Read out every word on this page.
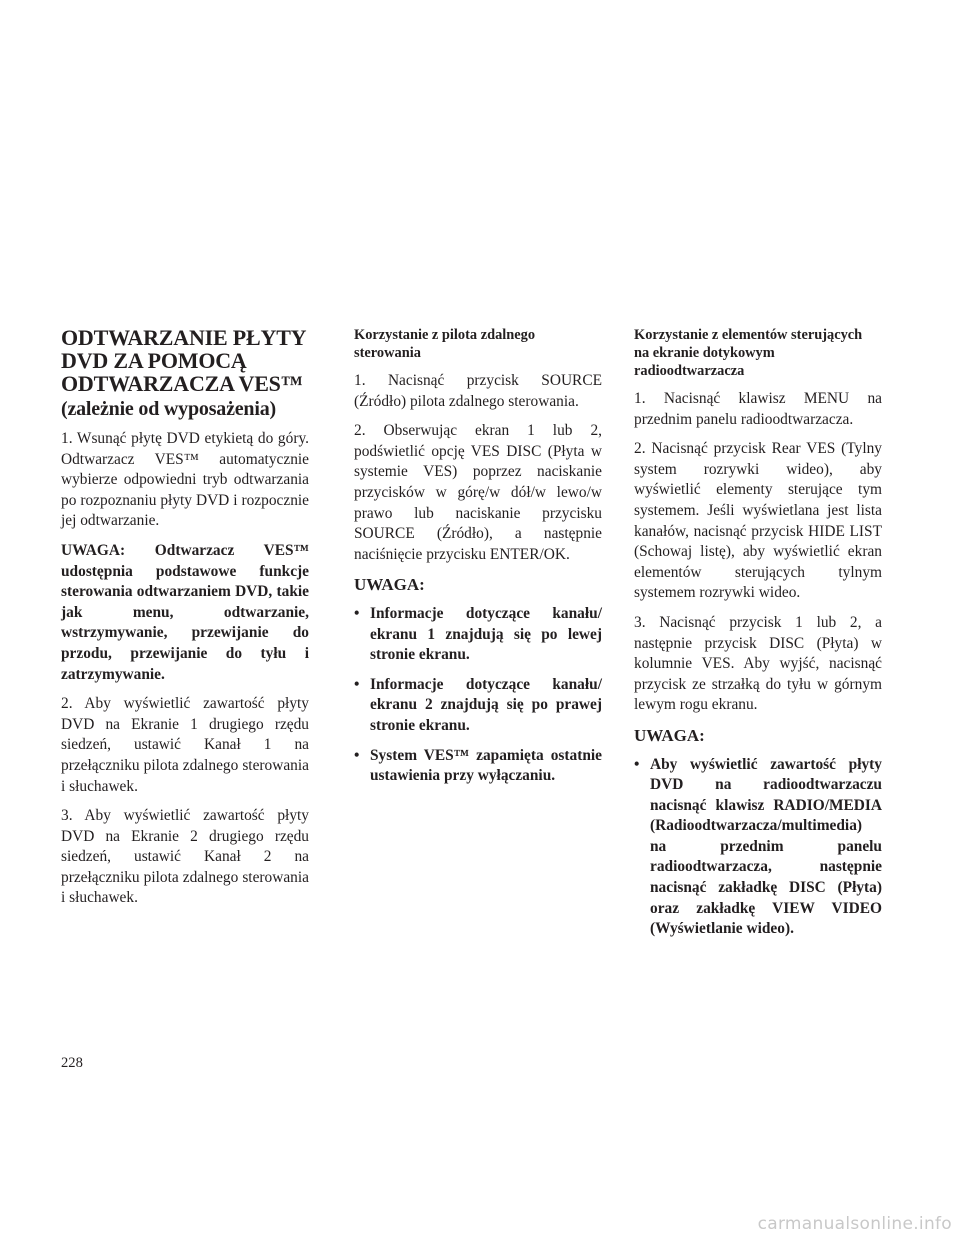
ODTWARZANIE PŁYTY
DVD ZA POMOCĄ
ODTWARZACZA VES™
(zależnie od wyposażenia)

1. Wsunąć płytę DVD etykietą do góry. Odtwarzacz VES™ automatycznie wybierze odpowiedni tryb odtwarzania po rozpoznaniu płyty DVD i rozpocznie jej odtwarzanie.

UWAGA: Odtwarzacz VES™ udostępnia podstawowe funkcje sterowania odtwarzaniem DVD, takie jak menu, odtwarzanie, wstrzymywanie, przewijanie do przodu, przewijanie do tyłu i zatrzymywanie.

2. Aby wyświetlić zawartość płyty DVD na Ekranie 1 drugiego rzędu siedzeń, ustawić Kanał 1 na przełączniku pilota zdalnego sterowania i słuchawek.

3. Aby wyświetlić zawartość płyty DVD na Ekranie 2 drugiego rzędu siedzeń, ustawić Kanał 2 na przełączniku pilota zdalnego sterowania i słuchawek.

Korzystanie z pilota zdalnego
sterowania

1. Nacisnąć przycisk SOURCE (Źródło) pilota zdalnego sterowania.

2. Obserwując ekran 1 lub 2, podświetlić opcję VES DISC (Płyta w systemie VES) poprzez naciskanie przycisków w górę/w dół/w lewo/w prawo lub naciskanie przycisku SOURCE (Źródło), a następnie naciśnięcie przycisku ENTER/OK.

UWAGA:
• Informacje dotyczące kanału/ ekranu 1 znajdują się po lewej stronie ekranu.
• Informacje dotyczące kanału/ ekranu 2 znajdują się po prawej stronie ekranu.
• System VES™ zapamięta ostatnie ustawienia przy wyłączaniu.
Korzystanie z elementów sterujących
na ekranie dotykowym
radioodtwarzacza

1. Nacisnąć klawisz MENU na przednim panelu radioodtwarzacza.

2. Nacisnąć przycisk Rear VES (Tylny system rozrywki wideo), aby wyświetlić elementy sterujące tym systemem. Jeśli wyświetlana jest lista kanałów, nacisnąć przycisk HIDE LIST (Schowaj listę), aby wyświetlić ekran elementów sterujących tylnym systemem rozrywki wideo.

3. Nacisnąć przycisk 1 lub 2, a następnie przycisk DISC (Płyta) w kolumnie VES. Aby wyjść, nacisnąć przycisk ze strzałką do tyłu w górnym lewym rogu ekranu.

UWAGA:
• Aby wyświetlić zawartość płyty DVD na radioodtwarzaczu nacisnąć klawisz RADIO/MEDIA (Radioodtwarzacza/multimedia) na przednim panelu radioodtwarzacza, następnie nacisnąć zakładkę DISC (Płyta) oraz zakładkę VIEW VIDEO (Wyświetlanie wideo).
228
carmanualsonline.info
